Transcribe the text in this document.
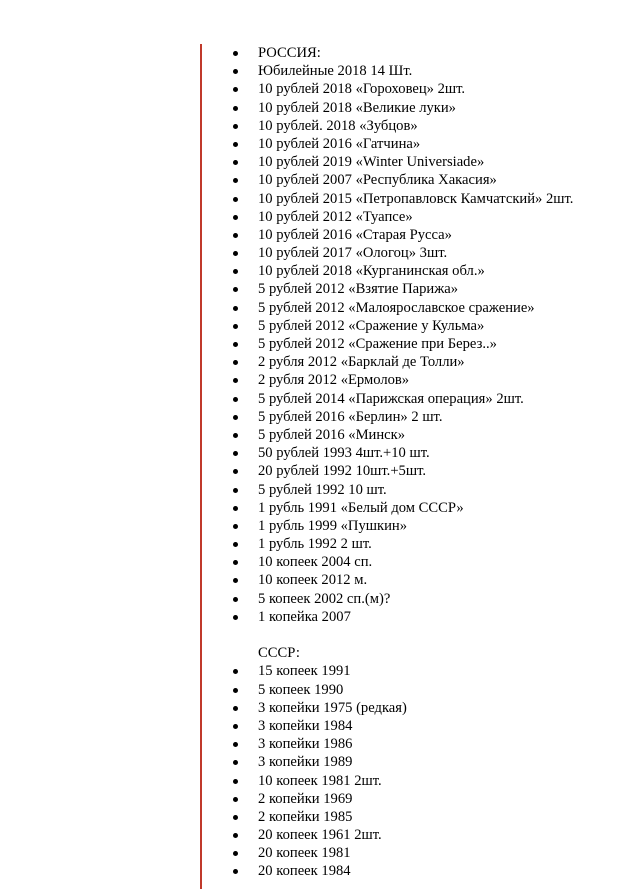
РОССИЯ:
Юбилейные 2018 14 Шт.
10 рублей 2018 «Гороховец» 2шт.
10 рублей 2018 «Великие луки»
10 рублей. 2018 «Зубцов»
10 рублей 2016 «Гатчина»
10 рублей 2019 «Winter Universiade»
10 рублей 2007 «Республика Хакасия»
10 рублей 2015 «Петропавловск Камчатский» 2шт.
10 рублей 2012 «Туапсе»
10 рублей 2016 «Старая Русса»
10 рублей 2017 «Ологоц» 3шт.
10 рублей 2018 «Курганинская обл.»
5 рублей 2012 «Взятие Парижа»
5 рублей 2012 «Малоярославское сражение»
5 рублей 2012 «Сражение у Кульма»
5 рублей 2012 «Сражение при Берез..»
2 рубля 2012 «Барклай де Толли»
2 рубля 2012 «Ермолов»
5 рублей 2014 «Парижская операция» 2шт.
5 рублей 2016 «Берлин» 2 шт.
5 рублей 2016 «Минск»
50 рублей 1993 4шт.+10 шт.
20 рублей 1992 10шт.+5шт.
5 рублей 1992 10 шт.
1 рубль 1991 «Белый дом СССР»
1 рубль 1999 «Пушкин»
1 рубль 1992 2 шт.
10 копеек 2004 сп.
10 копеек 2012 м.
5 копеек 2002 сп.(м)?
1 копейка 2007
СССР:
15 копеек 1991
5 копеек 1990
3 копейки 1975 (редкая)
3 копейки 1984
3 копейки 1986
3 копейки 1989
10 копеек 1981 2шт.
2 копейки 1969
2 копейки 1985
20 копеек 1961 2шт.
20 копеек 1981
20 копеек 1984
